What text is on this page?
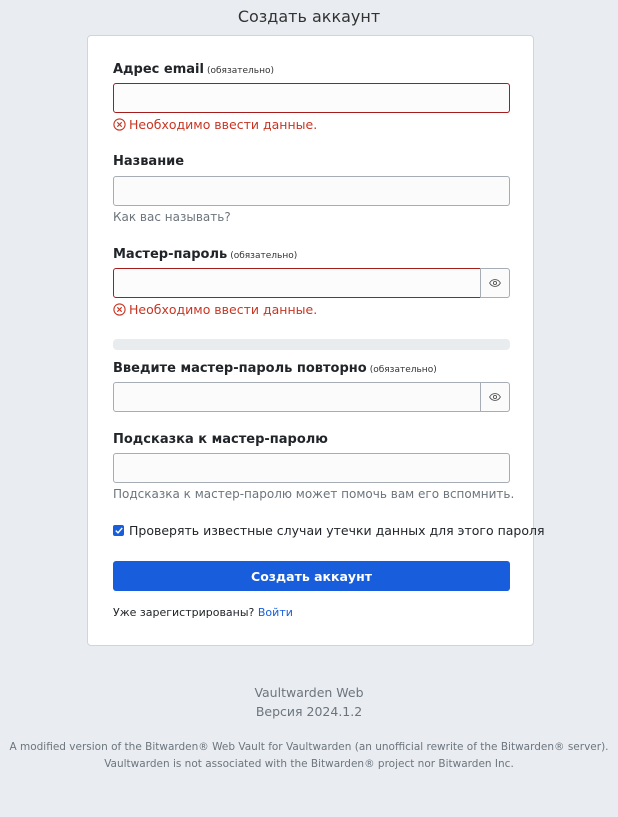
Создать аккаунт
Адрес email (обязательно)
Необходимо ввести данные.
Название
Как вас называть?
Мастер-пароль (обязательно)
Необходимо ввести данные.
Введите мастер-пароль повторно (обязательно)
Подсказка к мастер-паролю
Подсказка к мастер-паролю может помочь вам его вспомнить.
Проверять известные случаи утечки данных для этого пароля
Создать аккаунт
Уже зарегистрированы? Войти
Vaultwarden Web
Версия 2024.1.2
A modified version of the Bitwarden® Web Vault for Vaultwarden (an unofficial rewrite of the Bitwarden® server).
Vaultwarden is not associated with the Bitwarden® project nor Bitwarden Inc.
